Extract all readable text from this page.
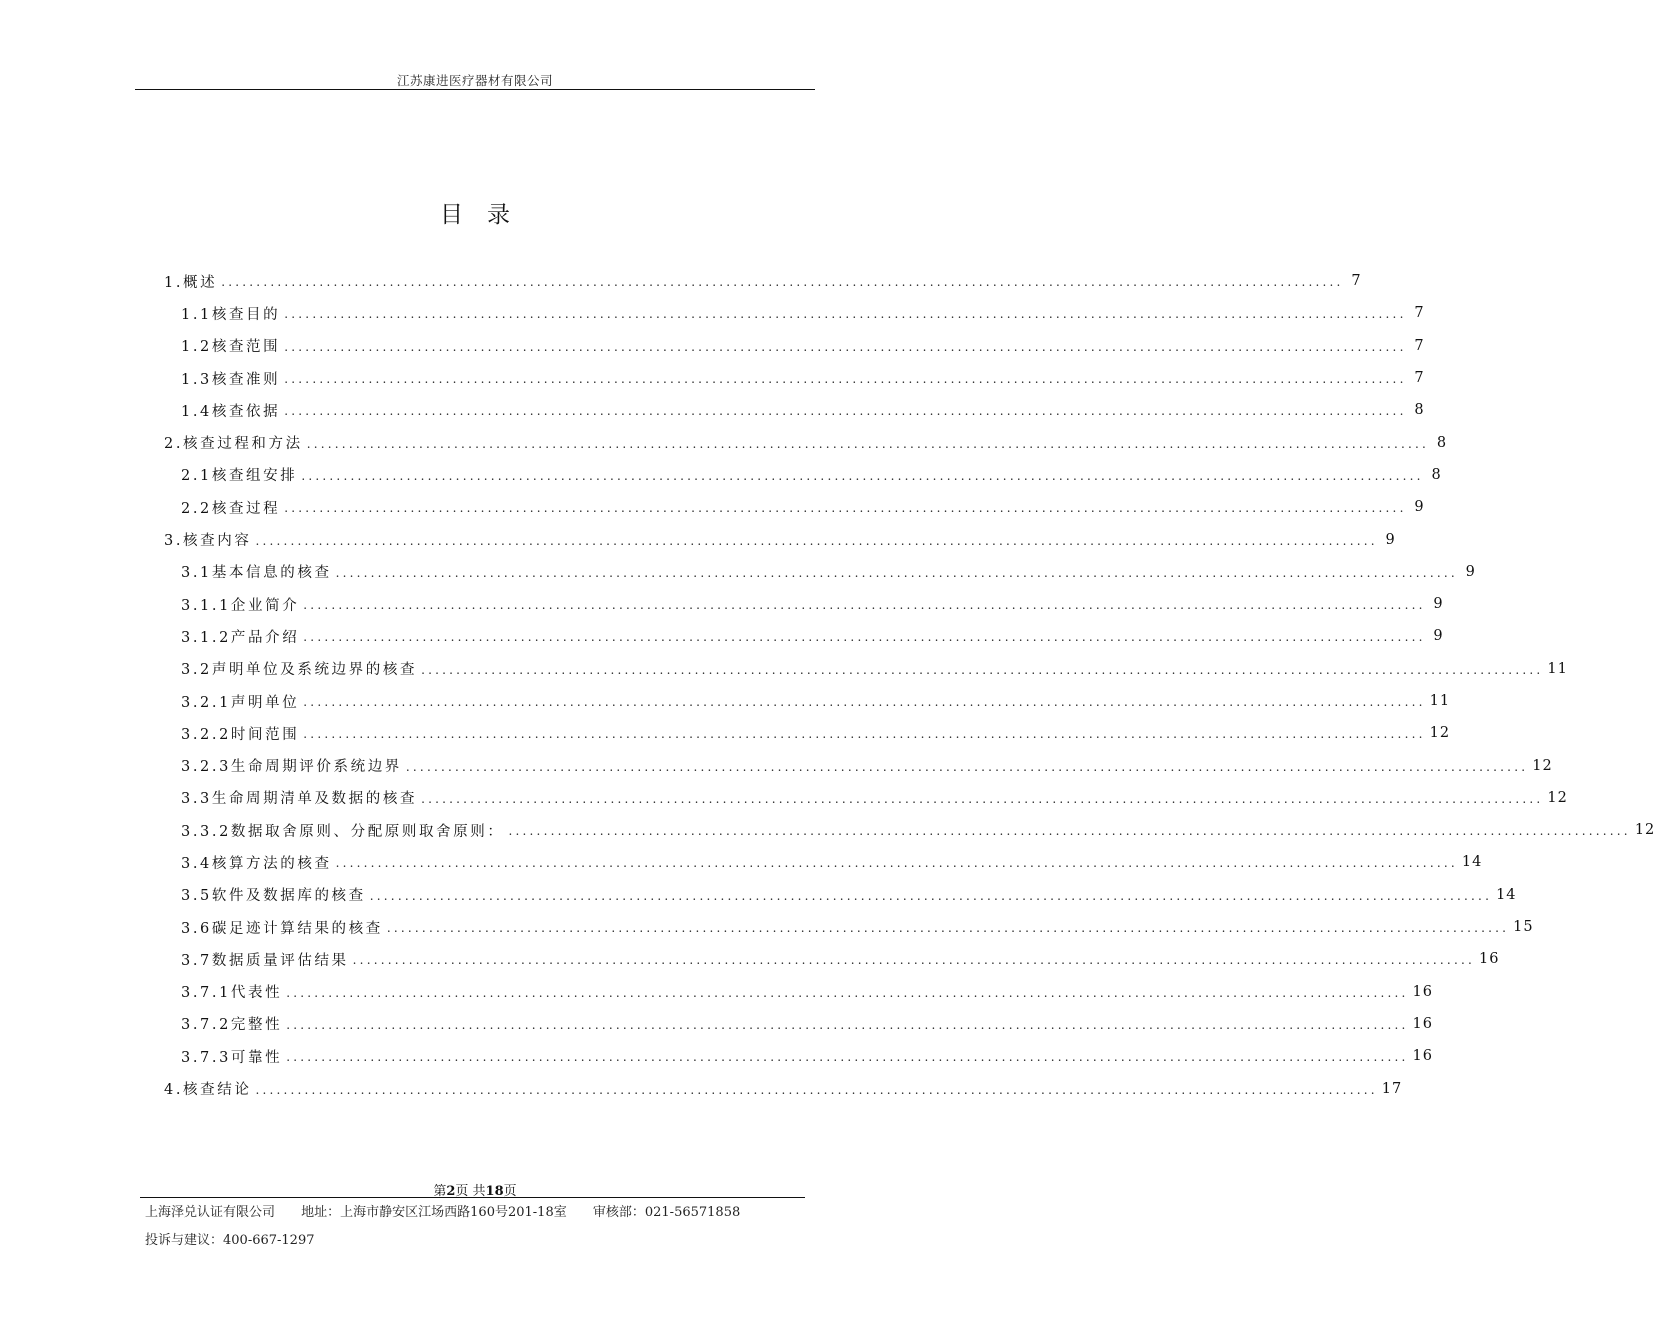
江苏康进医疗器材有限公司
目录
1.概述 ................................................................................................................................................................ 7
1.1核查目的 ................................................................................................................................................................ 7
1.2核查范围 ................................................................................................................................................................ 7
1.3核查准则 ................................................................................................................................................................ 7
1.4核查依据 ................................................................................................................................................................ 8
2.核查过程和方法 ................................................................................................................................................................ 8
2.1核查组安排 ................................................................................................................................................................ 8
2.2核查过程 ................................................................................................................................................................ 9
3.核查内容 ................................................................................................................................................................ 9
3.1基本信息的核查 ................................................................................................................................................................ 9
3.1.1企业简介 ................................................................................................................................................................ 9
3.1.2产品介绍 ................................................................................................................................................................ 9
3.2声明单位及系统边界的核查 ................................................................................................................................................................ 11
3.2.1声明单位 ................................................................................................................................................................ 11
3.2.2时间范围 ................................................................................................................................................................ 12
3.2.3生命周期评价系统边界 ................................................................................................................................................................ 12
3.3生命周期清单及数据的核查 ................................................................................................................................................................ 12
3.3.2数据取舍原则、分配原则取舍原则： ................................................................................................................................................................ 12
3.4核算方法的核查 ................................................................................................................................................................ 14
3.5软件及数据库的核查 ................................................................................................................................................................ 14
3.6碳足迹计算结果的核查 ................................................................................................................................................................ 15
3.7数据质量评估结果 ................................................................................................................................................................ 16
3.7.1代表性 ................................................................................................................................................................ 16
3.7.2完整性 ................................................................................................................................................................ 16
3.7.3可靠性 ................................................................................................................................................................ 16
4.核查结论 ................................................................................................................................................................ 17
第2页 共18页
上海泽兑认证有限公司 地址：上海市静安区江场西路160号201-18室 审核部：021-56571858
投诉与建议：400-667-1297
